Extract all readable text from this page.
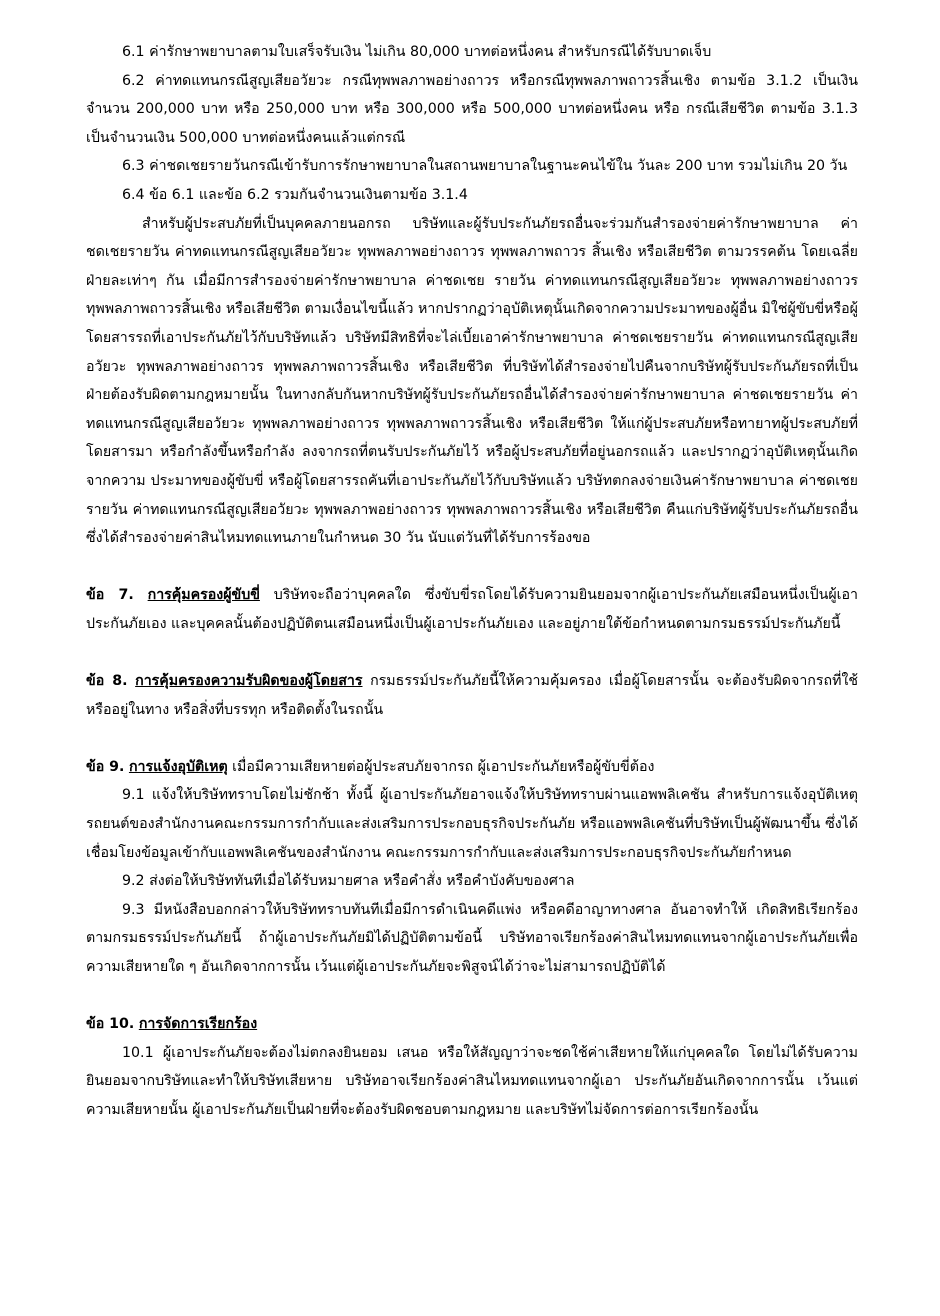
6.1 ค่ารักษาพยาบาลตามใบเสร็จรับเงิน ไม่เกิน 80,000 บาทต่อหนึ่งคน สำหรับกรณีได้รับบาดเจ็บ

6.2 ค่าทดแทนกรณีสูญเสียอวัยวะ กรณีทุพพลภาพอย่างถาวร หรือกรณีทุพพลภาพถาวรสิ้นเชิง ตามข้อ 3.1.2 เป็นเงินจำนวน 200,000 บาท หรือ 250,000 บาท หรือ 300,000 หรือ 500,000 บาทต่อหนึ่งคน หรือ กรณีเสียชีวิต ตามข้อ 3.1.3 เป็นจำนวนเงิน 500,000 บาทต่อหนึ่งคนแล้วแต่กรณี

6.3 ค่าชดเชยรายวันกรณีเข้ารับการรักษาพยาบาลในสถานพยาบาลในฐานะคนไข้ใน วันละ 200 บาท รวมไม่เกิน 20 วัน

6.4 ข้อ 6.1 และข้อ 6.2 รวมกันจำนวนเงินตามข้อ 3.1.4

สำหรับผู้ประสบภัยที่เป็นบุคคลภายนอกรถ บริษัทและผู้รับประกันภัยรถอื่นจะร่วมกันสำรองจ่ายค่ารักษาพยาบาล ค่าชดเชยรายวัน ค่าทดแทนกรณีสูญเสียอวัยวะ ทุพพลภาพอย่างถาวร ทุพพลภาพถาวร สิ้นเชิง หรือเสียชีวิต ตามวรรคต้น โดยเฉลี่ยฝ่ายละเท่าๆ กัน เมื่อมีการสำรองจ่ายค่ารักษาพยาบาล ค่าชดเชย รายวัน ค่าทดแทนกรณีสูญเสียอวัยวะ ทุพพลภาพอย่างถาวร ทุพพลภาพถาวรสิ้นเชิง หรือเสียชีวิต ตามเงื่อนไขนี้แล้ว หากปรากฏว่าอุบัติเหตุนั้นเกิดจากความประมาทของผู้อื่น มิใช่ผู้ขับขี่หรือผู้โดยสารรถที่เอาประกันภัยไว้กับบริษัทแล้ว บริษัทมีสิทธิที่จะไล่เบี้ยเอาค่ารักษาพยาบาล ค่าชดเชยรายวัน ค่าทดแทนกรณีสูญเสียอวัยวะ ทุพพลภาพอย่างถาวร ทุพพลภาพถาวรสิ้นเชิง หรือเสียชีวิต ที่บริษัทได้สำรองจ่ายไปคืนจากบริษัทผู้รับประกันภัยรถที่เป็นฝ่ายต้องรับผิดตามกฎหมายนั้น ในทางกลับกันหากบริษัทผู้รับประกันภัยรถอื่นได้สำรองจ่ายค่ารักษาพยาบาล ค่าชดเชยรายวัน ค่าทดแทนกรณีสูญเสียอวัยวะ ทุพพลภาพอย่างถาวร ทุพพลภาพถาวรสิ้นเชิง หรือเสียชีวิต ให้แก่ผู้ประสบภัยหรือทายาทผู้ประสบภัยที่โดยสารมา หรือกำลังขึ้นหรือกำลัง ลงจากรถที่ตนรับประกันภัยไว้ หรือผู้ประสบภัยที่อยู่นอกรถแล้ว และปรากฏว่าอุบัติเหตุนั้นเกิดจากความ ประมาทของผู้ขับขี่ หรือผู้โดยสารรถคันที่เอาประกันภัยไว้กับบริษัทแล้ว บริษัทตกลงจ่ายเงินค่ารักษาพยาบาล ค่าชดเชยรายวัน ค่าทดแทนกรณีสูญเสียอวัยวะ ทุพพลภาพอย่างถาวร ทุพพลภาพถาวรสิ้นเชิง หรือเสียชีวิต คืนแก่บริษัทผู้รับประกันภัยรถอื่นซึ่งได้สำรองจ่ายค่าสินไหมทดแทนภายในกำหนด 30 วัน นับแต่วันที่ได้รับการร้องขอ

ข้อ 7. การคุ้มครองผู้ขับขี่ บริษัทจะถือว่าบุคคลใด ซึ่งขับขี่รถโดยได้รับความยินยอมจากผู้เอาประกันภัยเสมือนหนึ่งเป็นผู้เอาประกันภัยเอง และบุคคลนั้นต้องปฏิบัติตนเสมือนหนึ่งเป็นผู้เอาประกันภัยเอง และอยู่ภายใต้ข้อกำหนดตามกรมธรรม์ประกันภัยนี้

ข้อ 8. การคุ้มครองความรับผิดของผู้โดยสาร กรมธรรม์ประกันภัยนี้ให้ความคุ้มครอง เมื่อผู้โดยสารนั้น จะต้องรับผิดจากรถที่ใช้หรืออยู่ในทาง หรือสิ่งที่บรรทุก หรือติดตั้งในรถนั้น

ข้อ 9. การแจ้งอุบัติเหตุ เมื่อมีความเสียหายต่อผู้ประสบภัยจากรถ ผู้เอาประกันภัยหรือผู้ขับขี่ต้อง

9.1 แจ้งให้บริษัททราบโดยไม่ชักช้า ทั้งนี้ ผู้เอาประกันภัยอาจแจ้งให้บริษัททราบผ่านแอพพลิเคชัน สำหรับการแจ้งอุบัติเหตุรถยนต์ของสำนักงานคณะกรรมการกำกับและส่งเสริมการประกอบธุรกิจประกันภัย หรือแอพพลิเคชันที่บริษัทเป็นผู้พัฒนาขึ้น ซึ่งได้เชื่อมโยงข้อมูลเข้ากับแอพพลิเคชันของสำนักงาน คณะกรรมการกำกับและส่งเสริมการประกอบธุรกิจประกันภัยกำหนด

9.2 ส่งต่อให้บริษัททันทีเมื่อได้รับหมายศาล หรือคำสั่ง หรือคำบังคับของศาล

9.3 มีหนังสือบอกกล่าวให้บริษัททราบทันทีเมื่อมีการดำเนินคดีแพ่ง หรือคดีอาญาทางศาล อันอาจทำให้ เกิดสิทธิเรียกร้องตามกรมธรรม์ประกันภัยนี้ ถ้าผู้เอาประกันภัยมิได้ปฏิบัติตามข้อนี้ บริษัทอาจเรียกร้องค่าสินไหมทดแทนจากผู้เอาประกันภัยเพื่อความเสียหายใด ๆ อันเกิดจากการนั้น เว้นแต่ผู้เอาประกันภัยจะพิสูจน์ได้ว่าจะไม่สามารถปฏิบัติได้

ข้อ 10. การจัดการเรียกร้อง

10.1 ผู้เอาประกันภัยจะต้องไม่ตกลงยินยอม เสนอ หรือให้สัญญาว่าจะชดใช้ค่าเสียหายให้แก่บุคคลใด โดยไม่ได้รับความยินยอมจากบริษัทและทำให้บริษัทเสียหาย บริษัทอาจเรียกร้องค่าสินไหมทดแทนจากผู้เอา ประกันภัยอันเกิดจากการนั้น เว้นแต่ความเสียหายนั้น ผู้เอาประกันภัยเป็นฝ่ายที่จะต้องรับผิดชอบตามกฎหมาย และบริษัทไม่จัดการต่อการเรียกร้องนั้น
